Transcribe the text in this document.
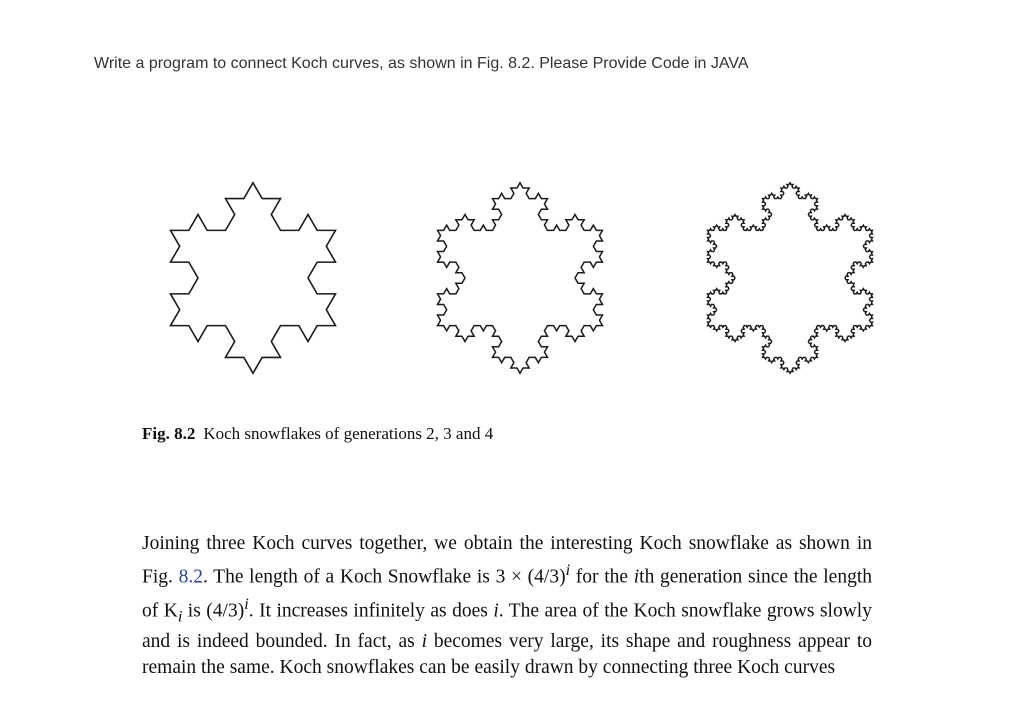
Write a program to connect Koch curves, as shown in Fig. 8.2. Please Provide Code in JAVA
Fig. 8.2 Koch snowflakes of generations 2, 3 and 4
Joining three Koch curves together, we obtain the interesting Koch snowflake as shown in Fig. 8.2. The length of a Koch Snowflake is $3 \times (4/3)^i$ for the ith generation since the length of $K_i$ is $(4/3)^i$. It increases infinitely as does i. The area of the Koch snowflake grows slowly and is indeed bounded. In fact, as i becomes very large, its shape and roughness appear to remain the same. Koch snowflakes can be easily drawn by connecting three Koch curves
